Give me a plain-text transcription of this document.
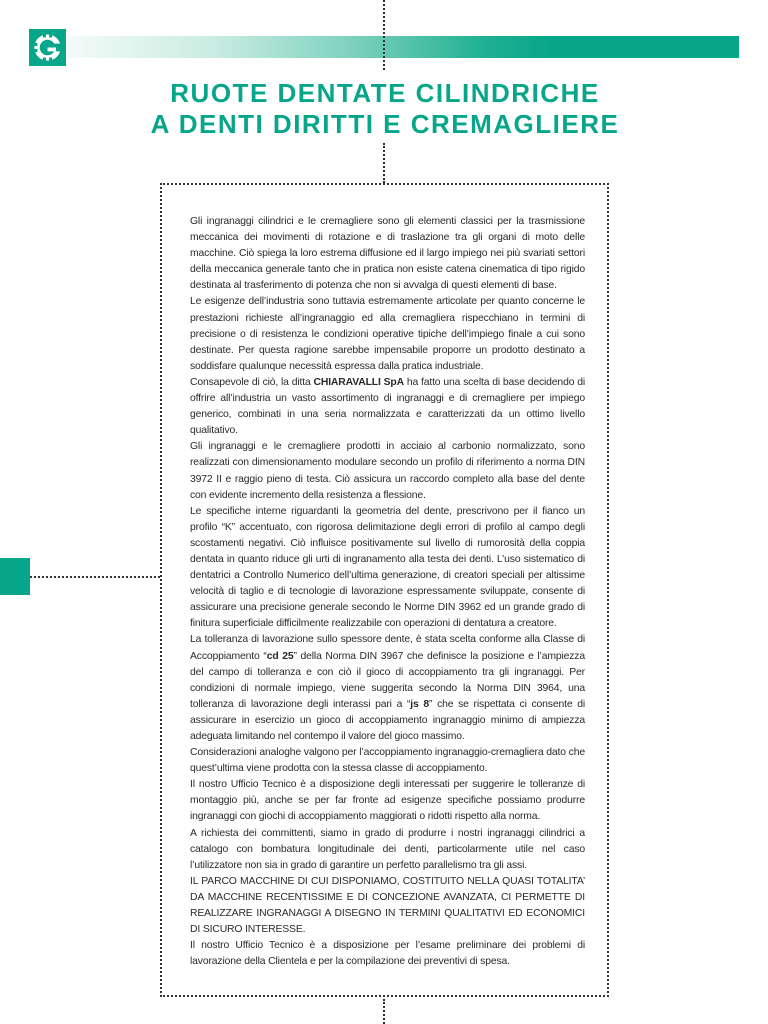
RUOTE DENTATE CILINDRICHE
A DENTI DIRITTI E CREMAGLIERE

Gli ingranaggi cilindrici e le cremagliere sono gli elementi classici per la trasmissione meccanica dei movimenti di rotazione e di traslazione tra gli organi di moto delle macchine. Ciò spiega la loro estrema diffusione ed il largo impiego nei più svariati settori della meccanica generale tanto che in pratica non esiste catena cinematica di tipo rigido destinata al trasferimento di potenza che non si avvalga di questi elementi di base.

Le esigenze dell’industria sono tuttavia estremamente articolate per quanto concerne le prestazioni richieste all’ingranaggio ed alla cremagliera rispecchiano in termini di precisione o di resistenza le condizioni operative tipiche dell’impiego finale a cui sono destinate. Per questa ragione sarebbe impensabile proporre un prodotto destinato a soddisfare qualunque necessità espressa dalla pratica industriale.

Consapevole di ciò, la ditta CHIARAVALLI SpA ha fatto una scelta di base decidendo di offrire all’industria un vasto assortimento di ingranaggi e di cremagliere per impiego generico, combinati in una seria normalizzata e caratterizzati da un ottimo livello qualitativo.

Gli ingranaggi e le cremagliere prodotti in acciaio al carbonio normalizzato, sono realizzati con dimensionamento modulare secondo un profilo di riferimento a norma DIN 3972 II e raggio pieno di testa. Ciò assicura un raccordo completo alla base del dente con evidente incremento della resistenza a flessione.

Le specifiche interne riguardanti la geometria del dente, prescrivono per il fianco un profilo “K” accentuato, con rigorosa delimitazione degli errori di profilo al campo degli scostamenti negativi. Ciò influisce positivamente sul livello di rumorosità della coppia dentata in quanto riduce gli urti di ingranamento alla testa dei denti. L’uso sistematico di dentatrici a Controllo Numerico dell’ultima generazione, di creatori speciali per altissime velocità di taglio e di tecnologie di lavorazione espressamente sviluppate, consente di assicurare una precisione generale secondo le Norme DIN 3962 ed un grande grado di finitura superficiale difficilmente realizzabile con operazioni di dentatura a creatore.

La tolleranza di lavorazione sullo spessore dente, è stata scelta conforme alla Classe di Accoppiamento “cd 25” della Norma DIN 3967 che definisce la posizione e l’ampiezza del campo di tolleranza e con ciò il gioco di accoppiamento tra gli ingranaggi. Per condizioni di normale impiego, viene suggerita secondo la Norma DIN 3964, una tolleranza di lavorazione degli interassi pari a “js 8” che se rispettata ci consente di assicurare in esercizio un gioco di accoppiamento ingranaggio minimo di ampiezza adeguata limitando nel contempo il valore del gioco massimo.

Considerazioni analoghe valgono per l’accoppiamento ingranaggio-cremagliera dato che quest’ultima viene prodotta con la stessa classe di accoppiamento.

Il nostro Ufficio Tecnico è a disposizione degli interessati per suggerire le tolleranze di montaggio più, anche se per far fronte ad esigenze specifiche possiamo produrre ingranaggi con giochi di accoppiamento maggiorati o ridotti rispetto alla norma.

A richiesta dei committenti, siamo in grado di produrre i nostri ingranaggi cilindrici a catalogo con bombatura longitudinale dei denti, particolarmente utile nel caso l’utilizzatore non sia in grado di garantire un perfetto parallelismo tra gli assi.

IL PARCO MACCHINE DI CUI DISPONIAMO, COSTITUITO NELLA QUASI TOTALITA’ DA MACCHINE RECENTISSIME E DI CONCEZIONE AVANZATA, CI PERMETTE DI REALIZZARE INGRANAGGI A DISEGNO IN TERMINI QUALITATIVI ED ECONOMICI DI SICURO INTERESSE.

Il nostro Ufficio Tecnico è a disposizione per l’esame preliminare dei problemi di lavorazione della Clientela e per la compilazione dei preventivi di spesa.
